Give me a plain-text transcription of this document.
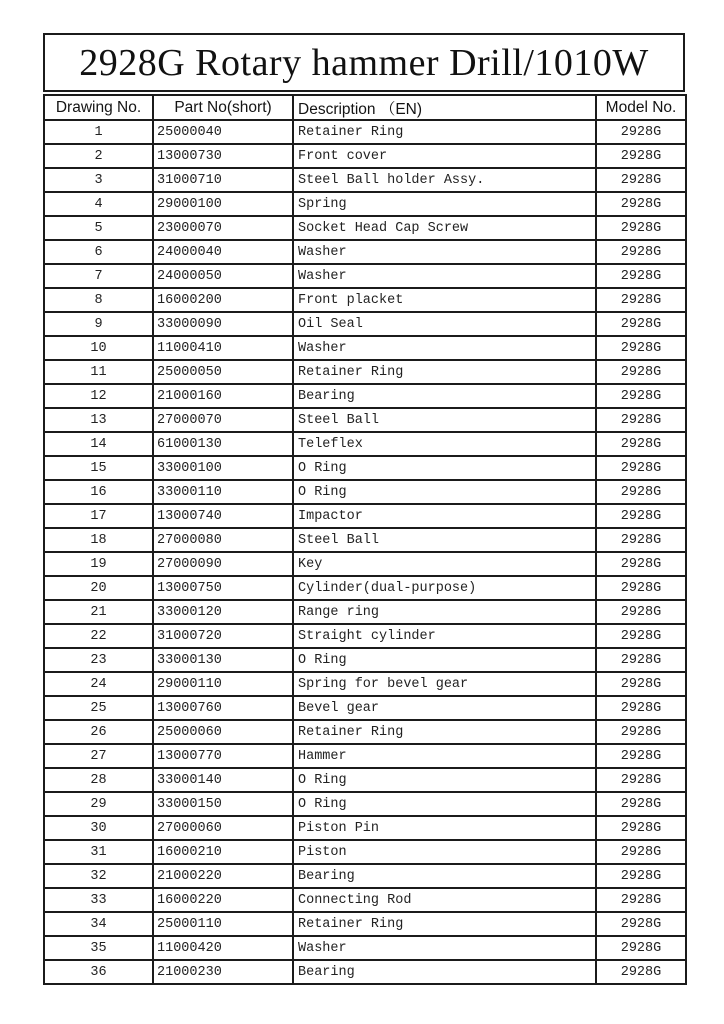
2928G Rotary hammer Drill/1010W
Drawing No.	Part No(short)	Description （EN)	Model No.
1	25000040	Retainer Ring	2928G
2	13000730	Front cover	2928G
3	31000710	Steel Ball holder Assy.	2928G
4	29000100	Spring	2928G
5	23000070	Socket Head Cap Screw	2928G
6	24000040	Washer	2928G
7	24000050	Washer	2928G
8	16000200	Front placket	2928G
9	33000090	Oil Seal	2928G
10	11000410	Washer	2928G
11	25000050	Retainer Ring	2928G
12	21000160	Bearing	2928G
13	27000070	Steel Ball	2928G
14	61000130	Teleflex	2928G
15	33000100	O Ring	2928G
16	33000110	O Ring	2928G
17	13000740	Impactor	2928G
18	27000080	Steel Ball	2928G
19	27000090	Key	2928G
20	13000750	Cylinder(dual-purpose)	2928G
21	33000120	Range ring	2928G
22	31000720	Straight cylinder	2928G
23	33000130	O Ring	2928G
24	29000110	Spring for bevel gear	2928G
25	13000760	Bevel gear	2928G
26	25000060	Retainer Ring	2928G
27	13000770	Hammer	2928G
28	33000140	O Ring	2928G
29	33000150	O Ring	2928G
30	27000060	Piston Pin	2928G
31	16000210	Piston	2928G
32	21000220	Bearing	2928G
33	16000220	Connecting Rod	2928G
34	25000110	Retainer Ring	2928G
35	11000420	Washer	2928G
36	21000230	Bearing	2928G
